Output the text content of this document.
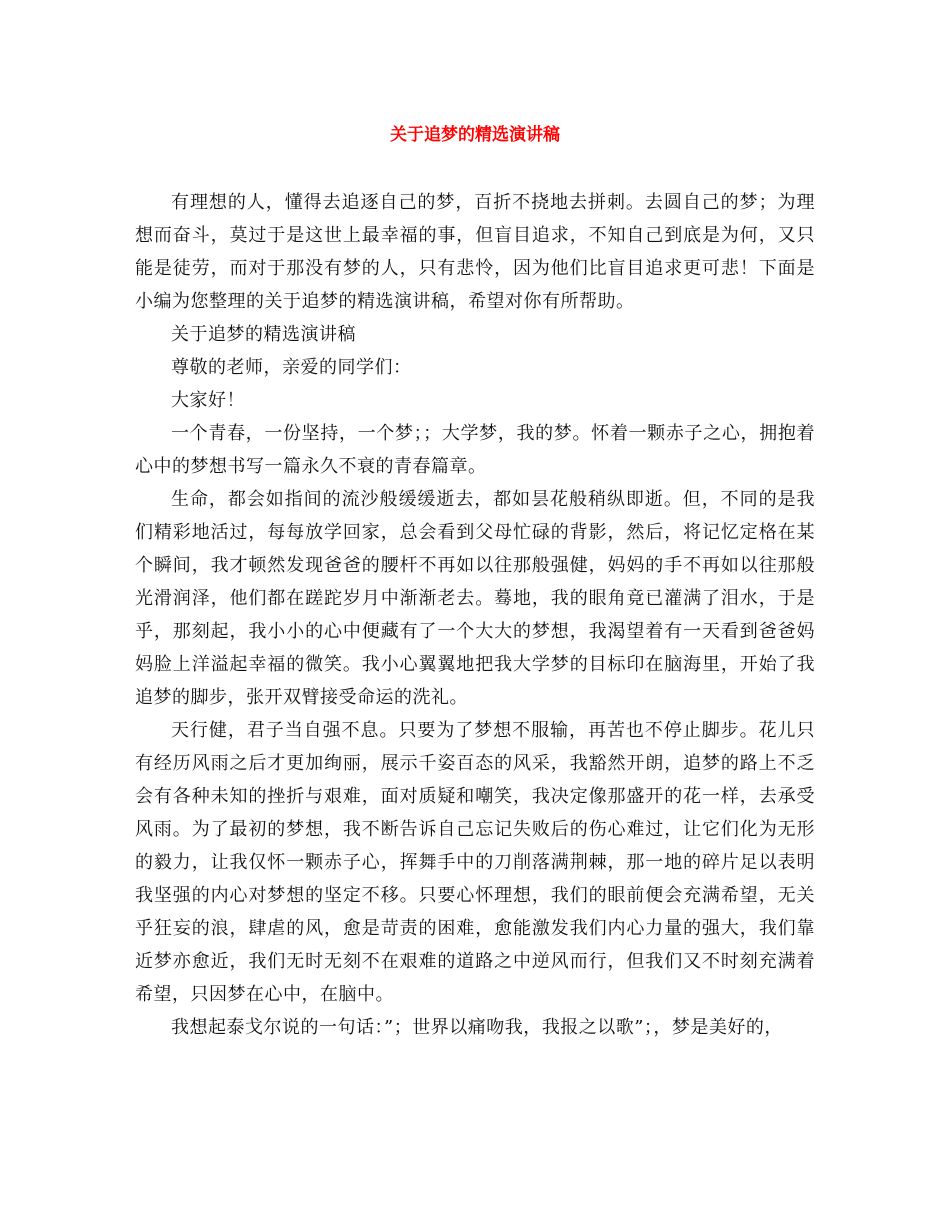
关于追梦的精选演讲稿

有理想的人，懂得去追逐自己的梦，百折不挠地去拼刺。去圆自己的梦；为理想而奋斗，莫过于是这世上最幸福的事，但盲目追求，不知自己到底是为何，又只能是徒劳，而对于那没有梦的人，只有悲怜，因为他们比盲目追求更可悲！下面是小编为您整理的关于追梦的精选演讲稿，希望对你有所帮助。

关于追梦的精选演讲稿

尊敬的老师，亲爱的同学们：

大家好！

一个青春，一份坚持，一个梦；；大学梦，我的梦。怀着一颗赤子之心，拥抱着心中的梦想书写一篇永久不衰的青春篇章。

生命，都会如指间的流沙般缓缓逝去，都如昙花般稍纵即逝。但，不同的是我们精彩地活过，每每放学回家，总会看到父母忙碌的背影，然后，将记忆定格在某个瞬间，我才顿然发现爸爸的腰杆不再如以往那般强健，妈妈的手不再如以往那般光滑润泽，他们都在蹉跎岁月中渐渐老去。蓦地，我的眼角竟已灌满了泪水，于是乎，那刻起，我小小的心中便藏有了一个大大的梦想，我渴望着有一天看到爸爸妈妈脸上洋溢起幸福的微笑。我小心翼翼地把我大学梦的目标印在脑海里，开始了我追梦的脚步，张开双臂接受命运的洗礼。

天行健，君子当自强不息。只要为了梦想不服输，再苦也不停止脚步。花儿只有经历风雨之后才更加绚丽，展示千姿百态的风采，我豁然开朗，追梦的路上不乏会有各种未知的挫折与艰难，面对质疑和嘲笑，我决定像那盛开的花一样，去承受风雨。为了最初的梦想，我不断告诉自己忘记失败后的伤心难过，让它们化为无形的毅力，让我仅怀一颗赤子心，挥舞手中的刀削落满荆棘，那一地的碎片足以表明我坚强的内心对梦想的坚定不移。只要心怀理想，我们的眼前便会充满希望，无关乎狂妄的浪，肆虐的风，愈是苛责的困难，愈能激发我们内心力量的强大，我们靠近梦亦愈近，我们无时无刻不在艰难的道路之中逆风而行，但我们又不时刻充满着希望，只因梦在心中，在脑中。

我想起泰戈尔说的一句话：”；世界以痛吻我，我报之以歌”；，梦是美好的，
